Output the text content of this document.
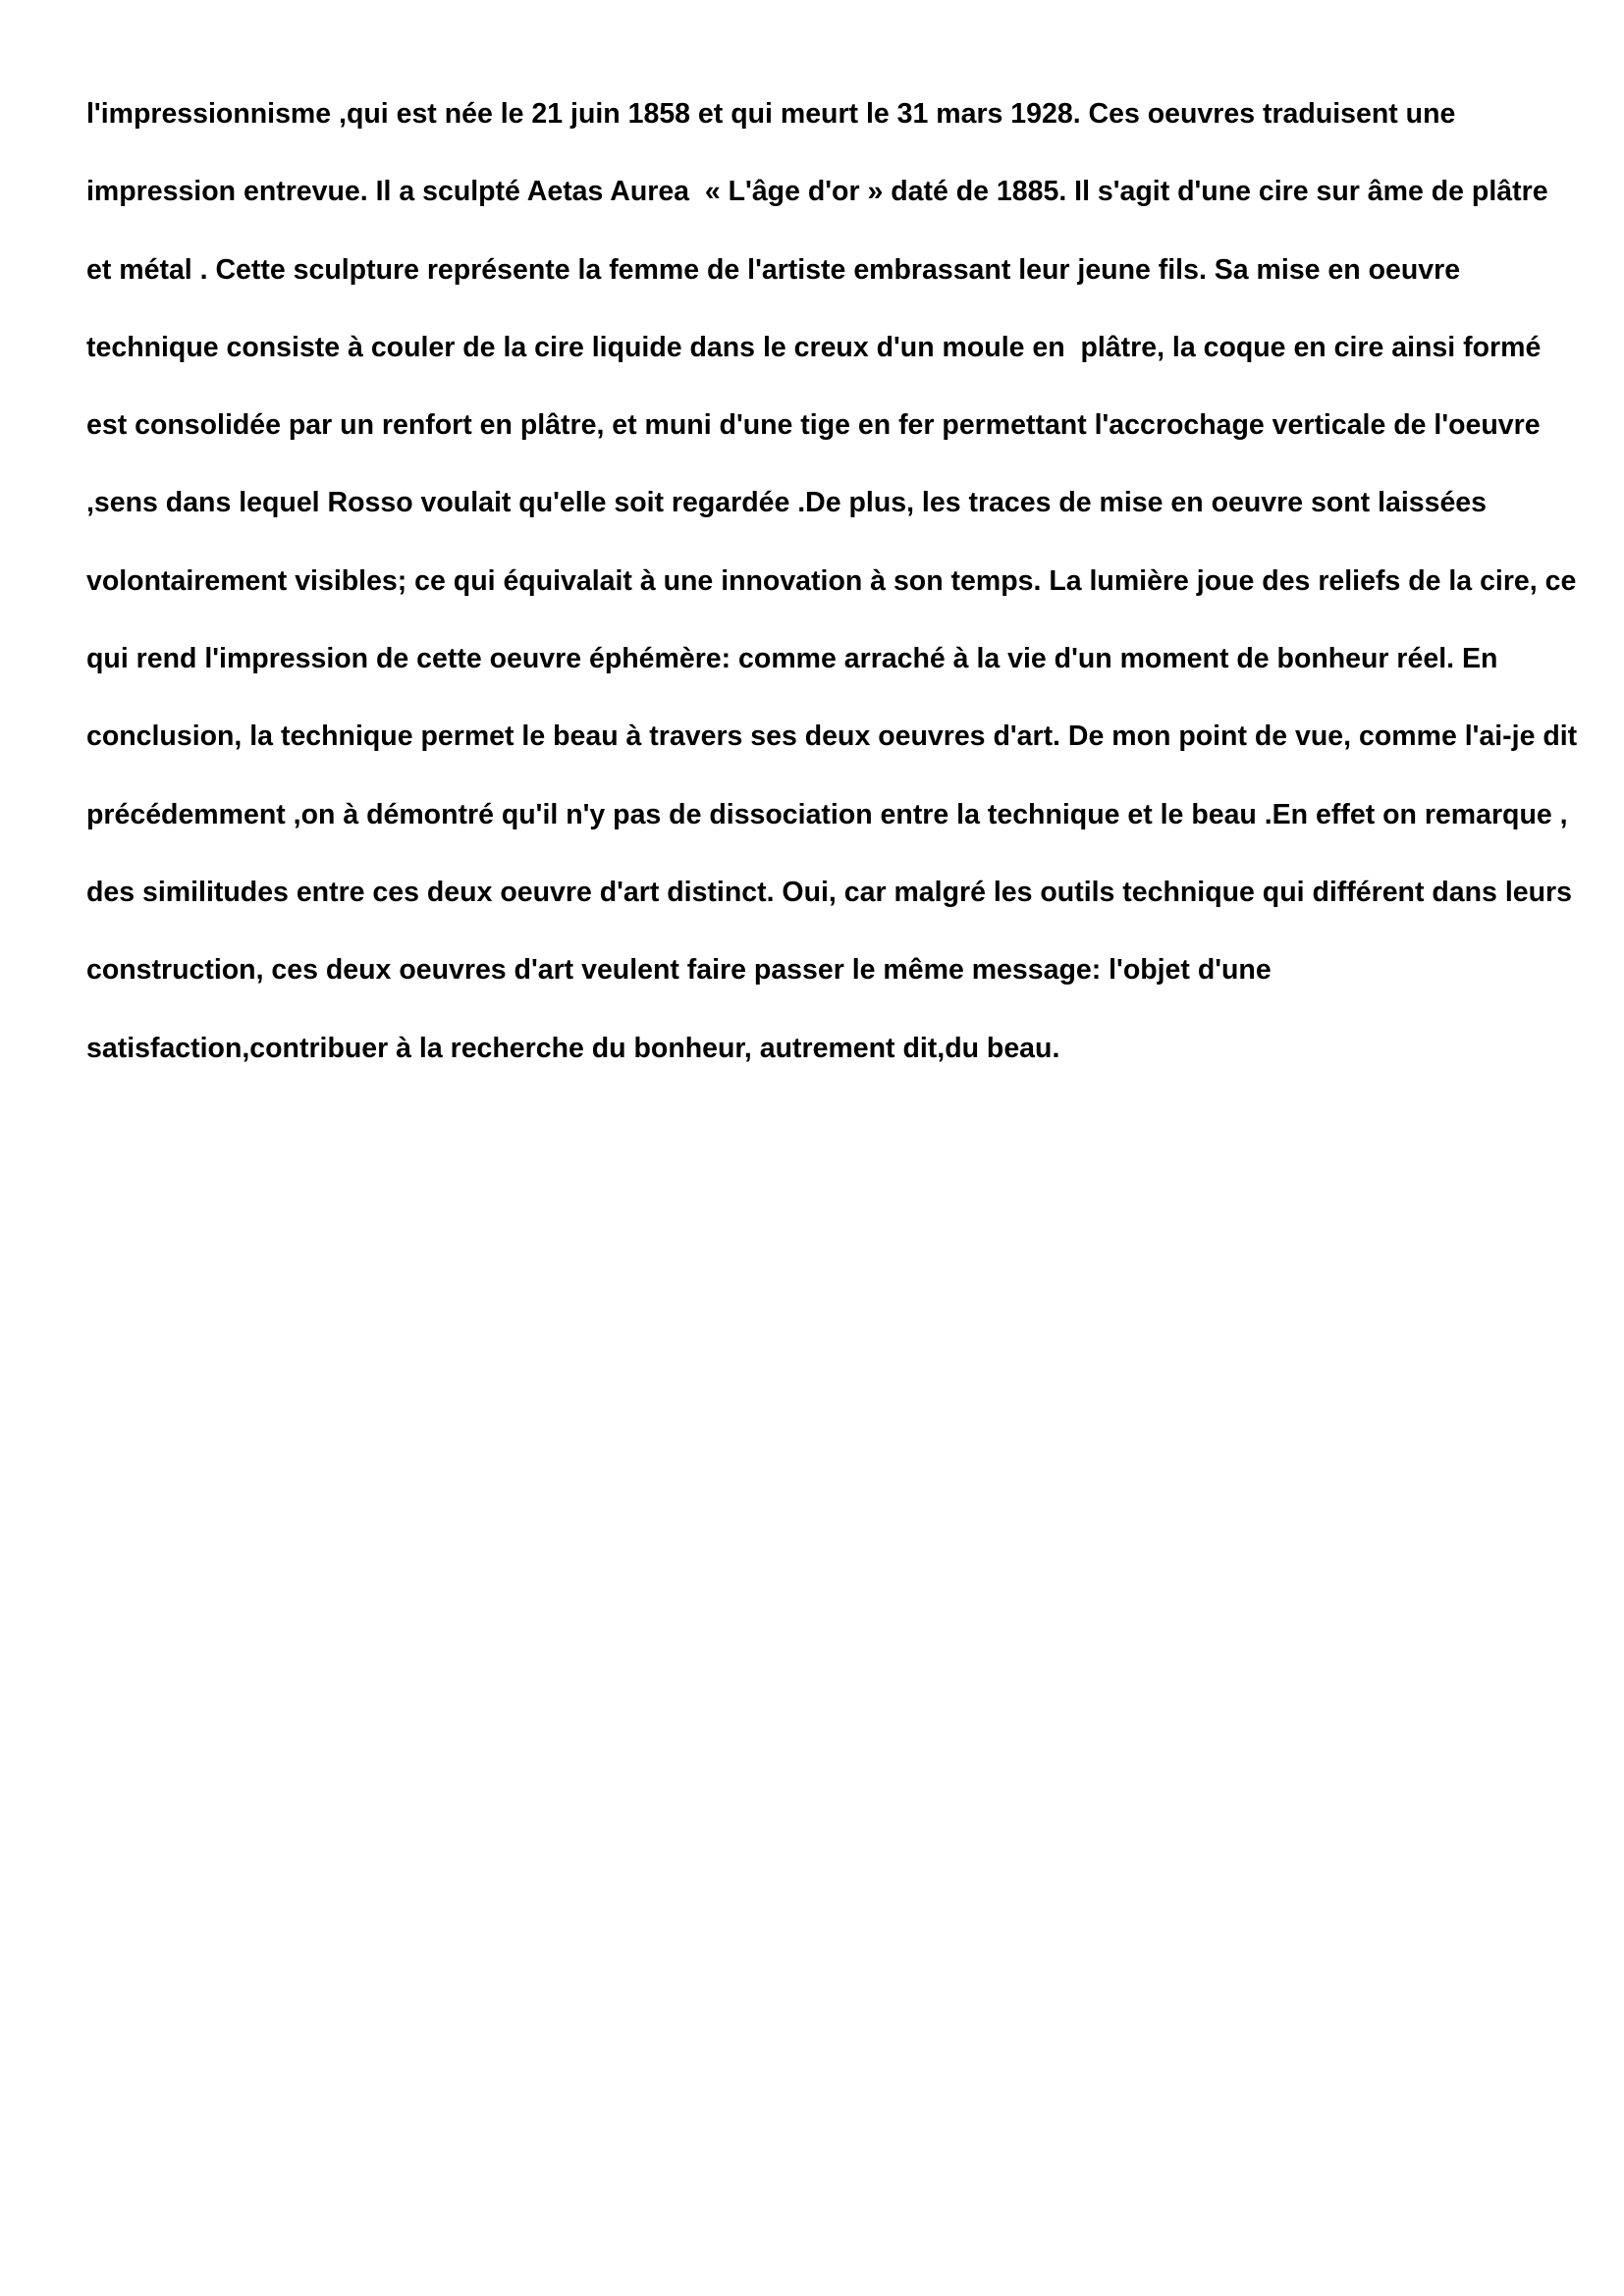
l'impressionnisme ,qui est née le 21 juin 1858 et qui meurt le 31 mars 1928. Ces oeuvres traduisent une
impression entrevue. Il a sculpté Aetas Aurea  « L'âge d'or » daté de 1885. Il s'agit d'une cire sur âme de plâtre
et métal . Cette sculpture représente la femme de l'artiste embrassant leur jeune fils. Sa mise en oeuvre
technique consiste à couler de la cire liquide dans le creux d'un moule en  plâtre, la coque en cire ainsi formé
est consolidée par un renfort en plâtre, et muni d'une tige en fer permettant l'accrochage verticale de l'oeuvre
,sens dans lequel Rosso voulait qu'elle soit regardée .De plus, les traces de mise en oeuvre sont laissées
volontairement visibles; ce qui équivalait à une innovation à son temps. La lumière joue des reliefs de la cire, ce
qui rend l'impression de cette oeuvre éphémère: comme arraché à la vie d'un moment de bonheur réel. En
conclusion, la technique permet le beau à travers ses deux oeuvres d'art. De mon point de vue, comme l'ai-je dit
précédemment ,on à démontré qu'il n'y pas de dissociation entre la technique et le beau .En effet on remarque ,
des similitudes entre ces deux oeuvre d'art distinct. Oui, car malgré les outils technique qui différent dans leurs
construction, ces deux oeuvres d'art veulent faire passer le même message: l'objet d'une
satisfaction,contribuer à la recherche du bonheur, autrement dit,du beau.
